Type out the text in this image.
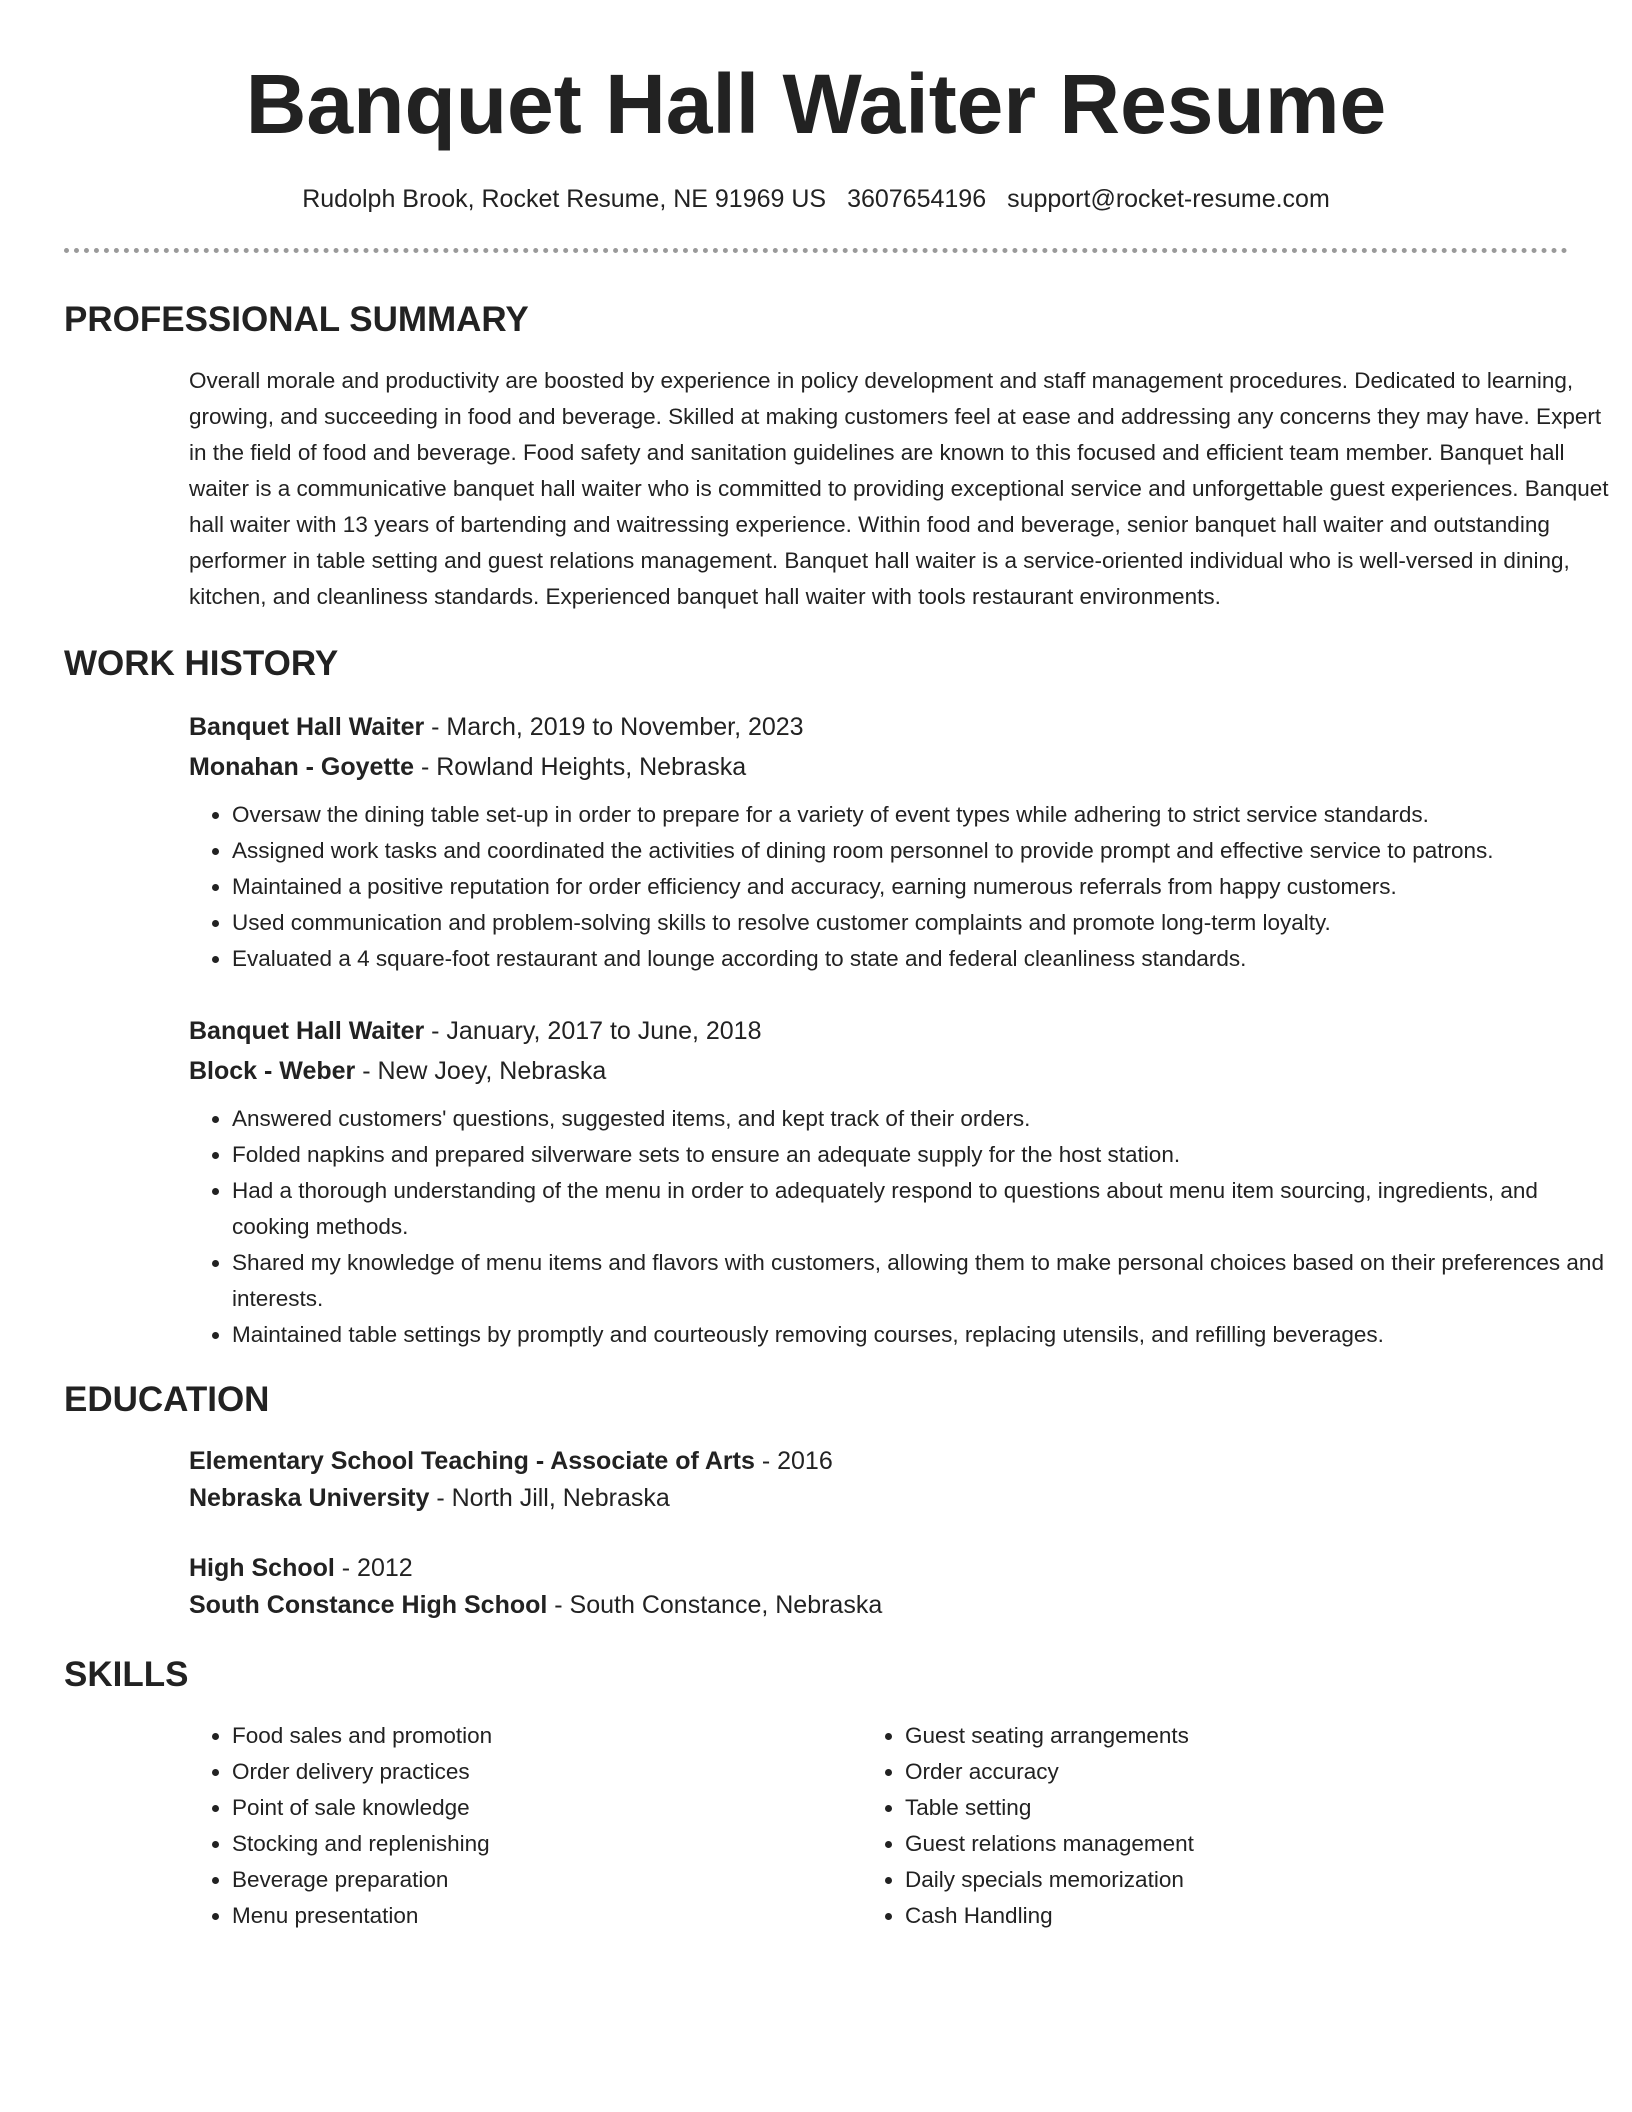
Banquet Hall Waiter Resume
Rudolph Brook, Rocket Resume, NE 91969 US 3607654196 support@rocket-resume.com
PROFESSIONAL SUMMARY

Overall morale and productivity are boosted by experience in policy development and staff management procedures. Dedicated to learning, growing, and succeeding in food and beverage. Skilled at making customers feel at ease and addressing any concerns they may have. Expert in the field of food and beverage. Food safety and sanitation guidelines are known to this focused and efficient team member. Banquet hall waiter is a communicative banquet hall waiter who is committed to providing exceptional service and unforgettable guest experiences. Banquet hall waiter with 13 years of bartending and waitressing experience. Within food and beverage, senior banquet hall waiter and outstanding performer in table setting and guest relations management. Banquet hall waiter is a service-oriented individual who is well-versed in dining, kitchen, and cleanliness standards. Experienced banquet hall waiter with tools restaurant environments.

WORK HISTORY
Banquet Hall Waiter - March, 2019 to November, 2023
Monahan - Goyette - Rowland Heights, Nebraska
• Oversaw the dining table set-up in order to prepare for a variety of event types while adhering to strict service standards.
• Assigned work tasks and coordinated the activities of dining room personnel to provide prompt and effective service to patrons.
• Maintained a positive reputation for order efficiency and accuracy, earning numerous referrals from happy customers.
• Used communication and problem-solving skills to resolve customer complaints and promote long-term loyalty.
• Evaluated a 4 square-foot restaurant and lounge according to state and federal cleanliness standards.
Banquet Hall Waiter - January, 2017 to June, 2018
Block - Weber - New Joey, Nebraska
• Answered customers' questions, suggested items, and kept track of their orders.
• Folded napkins and prepared silverware sets to ensure an adequate supply for the host station.
• Had a thorough understanding of the menu in order to adequately respond to questions about menu item sourcing, ingredients, and cooking methods.
• Shared my knowledge of menu items and flavors with customers, allowing them to make personal choices based on their preferences and interests.
• Maintained table settings by promptly and courteously removing courses, replacing utensils, and refilling beverages.
EDUCATION
Elementary School Teaching - Associate of Arts - 2016
Nebraska University - North Jill, Nebraska
High School - 2012
South Constance High School - South Constance, Nebraska
SKILLS
• Food sales and promotion
• Order delivery practices
• Point of sale knowledge
• Stocking and replenishing
• Beverage preparation
• Menu presentation
• Guest seating arrangements
• Order accuracy
• Table setting
• Guest relations management
• Daily specials memorization
• Cash Handling
